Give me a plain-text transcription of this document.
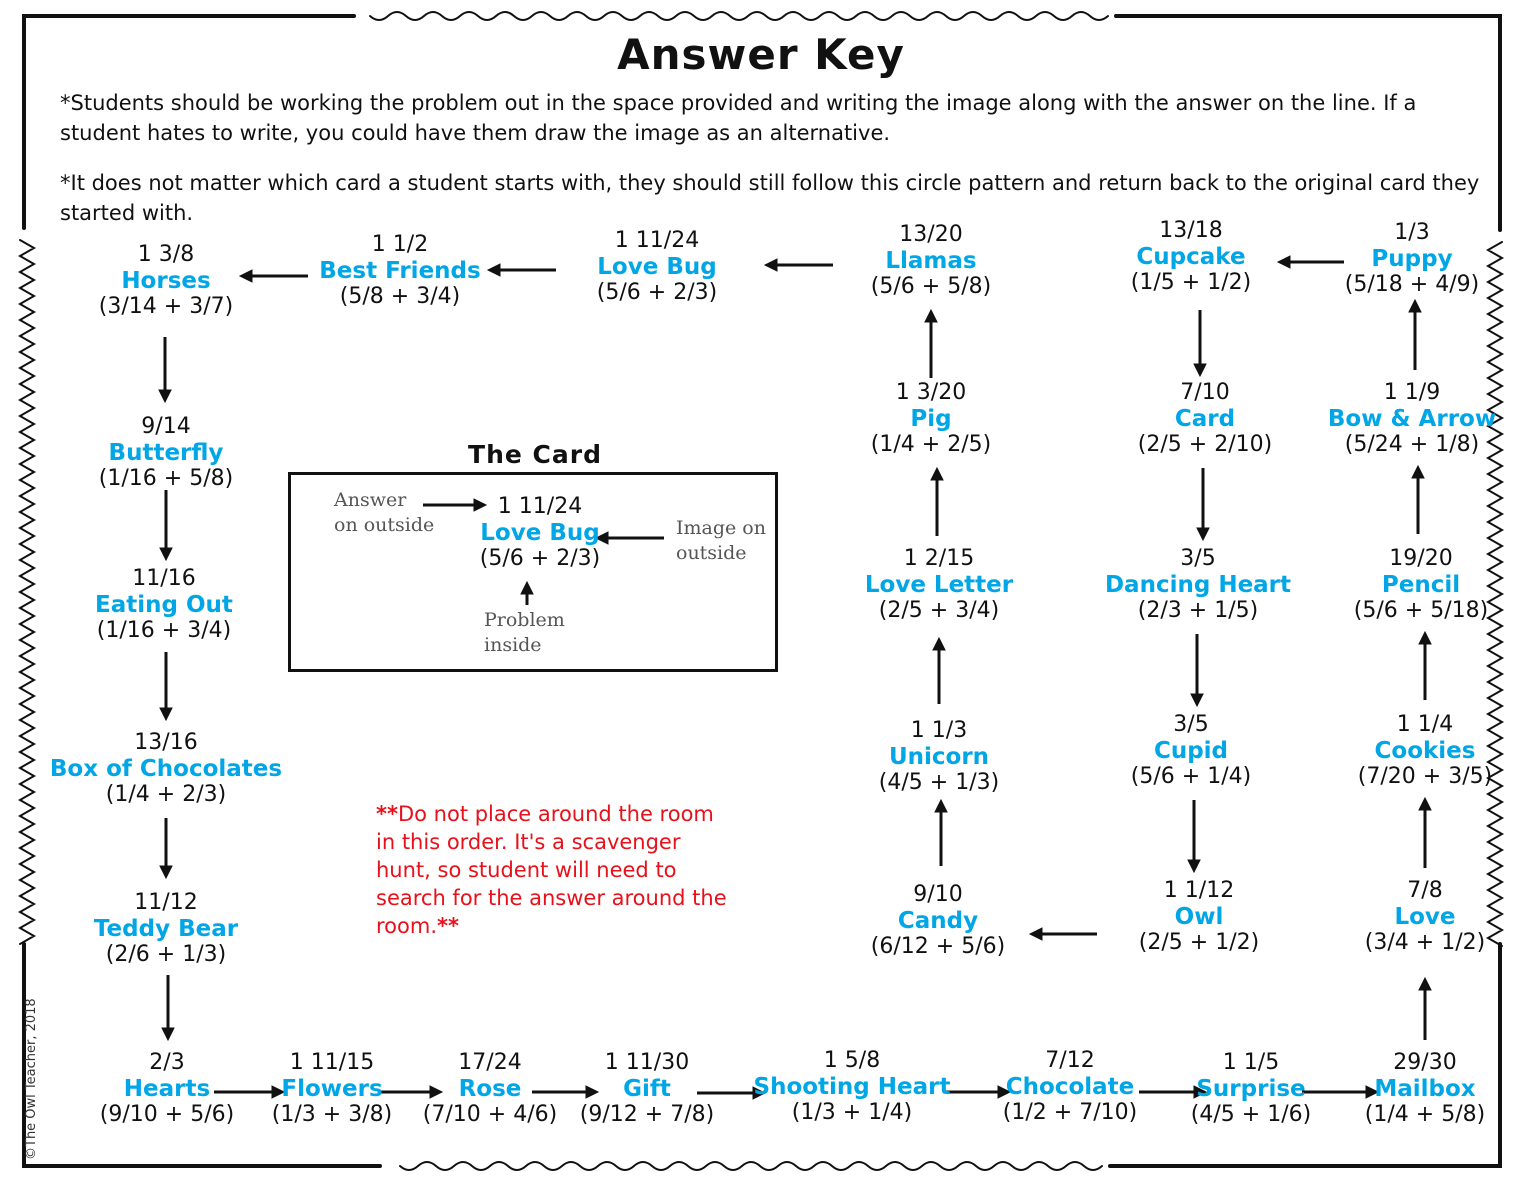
Answer Key
*Students should be working the problem out in the space provided and writing the image along with the answer on the line. If a student hates to write, you could have them draw the image as an alternative.
*It does not matter which card a student starts with, they should still follow this circle pattern and return back to the original card they started with.
1 3/8
Horses
(3/14 + 3/7)
1 1/2
Best Friends
(5/8 + 3/4)
1 11/24
Love Bug
(5/6 + 2/3)
13/20
Llamas
(5/6 + 5/8)
13/18
Cupcake
(1/5 + 1/2)
1/3
Puppy
(5/18 + 4/9)
9/14
Butterfly
(1/16 + 5/8)
11/16
Eating Out
(1/16 + 3/4)
13/16
Box of Chocolates
(1/4 + 2/3)
11/12
Teddy Bear
(2/6 + 1/3)
2/3
Hearts
(9/10 + 5/6)
1 11/15
Flowers
(1/3 + 3/8)
17/24
Rose
(7/10 + 4/6)
1 11/30
Gift
(9/12 + 7/8)
1 5/8
Shooting Heart
(1/3 + 1/4)
7/12
Chocolate
(1/2 + 7/10)
1 1/5
Surprise
(4/5 + 1/6)
29/30
Mailbox
(1/4 + 5/8)
7/8
Love
(3/4 + 1/2)
1 1/4
Cookies
(7/20 + 3/5)
19/20
Pencil
(5/6 + 5/18)
1 1/9
Bow & Arrow
(5/24 + 1/8)
7/10
Card
(2/5 + 2/10)
3/5
Dancing Heart
(2/3 + 1/5)
3/5
Cupid
(5/6 + 1/4)
1 1/12
Owl
(2/5 + 1/2)
9/10
Candy
(6/12 + 5/6)
1 1/3
Unicorn
(4/5 + 1/3)
1 2/15
Love Letter
(2/5 + 3/4)
1 3/20
Pig
(1/4 + 2/5)
The Card
1 11/24
Love Bug
(5/6 + 2/3)
Answer
on outside	Image on
outside
Problem
inside
**Do not place around the room in this order. It's a scavenger hunt, so student will need to search for the answer around the room.**
©The Owl Teacher, 2018
